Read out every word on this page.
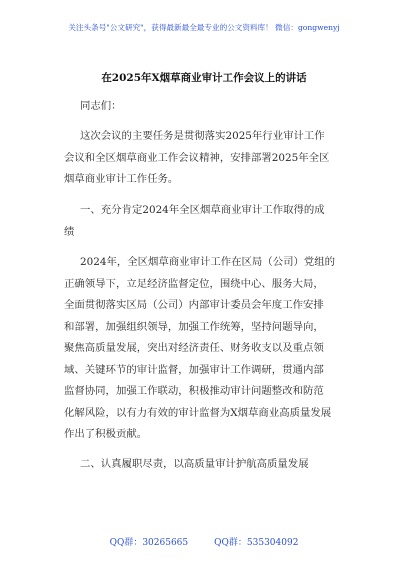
关注头条号"公文研究"，获得最新最全最专业的公文资料库！ 微信：gongwenyj
在2025年X烟草商业审计工作会议上的讲话

同志们：

这次会议的主要任务是贯彻落实2025年行业审计工作
会议和全区烟草商业工作会议精神，安排部署2025年全区
烟草商业审计工作任务。

一、充分肯定2024年全区烟草商业审计工作取得的成
绩

2024年，全区烟草商业审计工作在区局（公司）党组的
正确领导下，立足经济监督定位，围绕中心、服务大局，
全面贯彻落实区局（公司）内部审计委员会年度工作安排
和部署，加强组织领导，加强工作统筹，坚持问题导向，
聚焦高质量发展，突出对经济责任、财务收支以及重点领
域、关键环节的审计监督，加强审计工作调研，贯通内部
监督协同，加强工作联动，积极推动审计问题整改和防范
化解风险，以有力有效的审计监督为X烟草商业高质量发展
作出了积极贡献。

二、认真履职尽责，以高质量审计护航高质量发展

QQ群：30265665	QQ群：535304092
